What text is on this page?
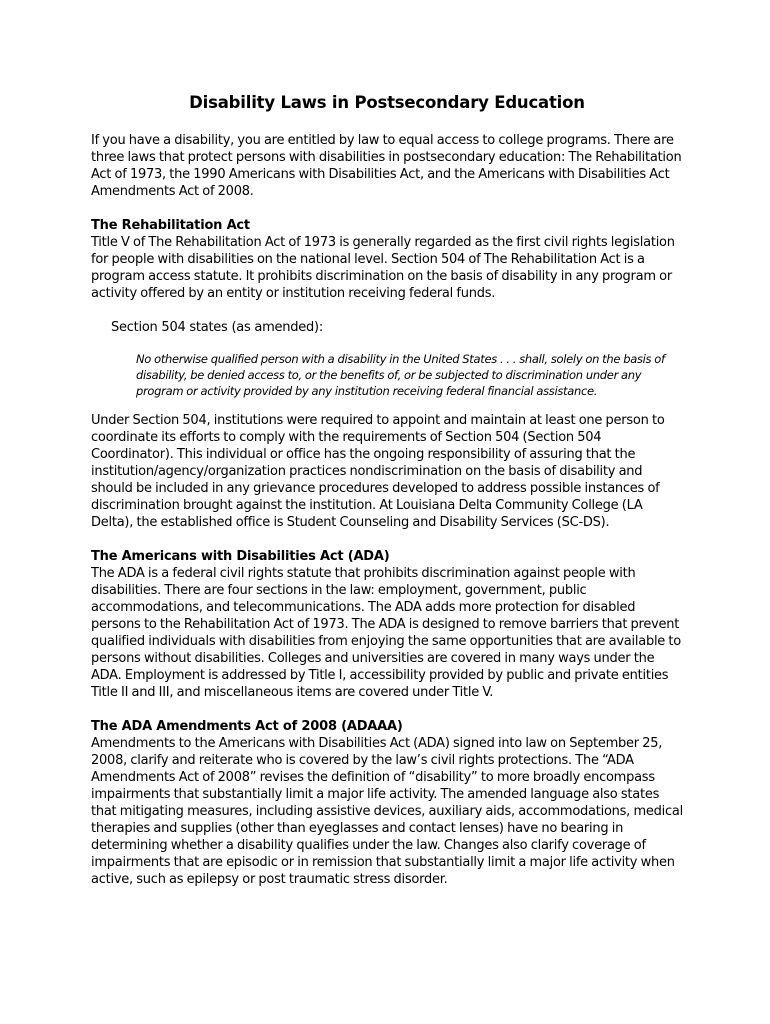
Disability Laws in Postsecondary Education

If you have a disability, you are entitled by law to equal access to college programs. There are three laws that protect persons with disabilities in postsecondary education: The Rehabilitation Act of 1973, the 1990 Americans with Disabilities Act, and the Americans with Disabilities Act Amendments Act of 2008.

The Rehabilitation Act

Title V of The Rehabilitation Act of 1973 is generally regarded as the first civil rights legislation for people with disabilities on the national level. Section 504 of The Rehabilitation Act is a program access statute. It prohibits discrimination on the basis of disability in any program or activity offered by an entity or institution receiving federal funds.

Section 504 states (as amended):

No otherwise qualified person with a disability in the United States . . . shall, solely on the basis of disability, be denied access to, or the benefits of, or be subjected to discrimination under any program or activity provided by any institution receiving federal financial assistance.

Under Section 504, institutions were required to appoint and maintain at least one person to coordinate its efforts to comply with the requirements of Section 504 (Section 504 Coordinator). This individual or office has the ongoing responsibility of assuring that the institution/agency/organization practices nondiscrimination on the basis of disability and should be included in any grievance procedures developed to address possible instances of discrimination brought against the institution. At Louisiana Delta Community College (LA Delta), the established office is Student Counseling and Disability Services (SC-DS).

The Americans with Disabilities Act (ADA)

The ADA is a federal civil rights statute that prohibits discrimination against people with disabilities. There are four sections in the law: employment, government, public accommodations, and telecommunications. The ADA adds more protection for disabled persons to the Rehabilitation Act of 1973. The ADA is designed to remove barriers that prevent qualified individuals with disabilities from enjoying the same opportunities that are available to persons without disabilities. Colleges and universities are covered in many ways under the ADA. Employment is addressed by Title I, accessibility provided by public and private entities Title II and III, and miscellaneous items are covered under Title V.

The ADA Amendments Act of 2008 (ADAAA)

Amendments to the Americans with Disabilities Act (ADA) signed into law on September 25, 2008, clarify and reiterate who is covered by the law’s civil rights protections. The “ADA Amendments Act of 2008” revises the definition of “disability” to more broadly encompass impairments that substantially limit a major life activity. The amended language also states that mitigating measures, including assistive devices, auxiliary aids, accommodations, medical therapies and supplies (other than eyeglasses and contact lenses) have no bearing in determining whether a disability qualifies under the law. Changes also clarify coverage of impairments that are episodic or in remission that substantially limit a major life activity when active, such as epilepsy or post traumatic stress disorder.
